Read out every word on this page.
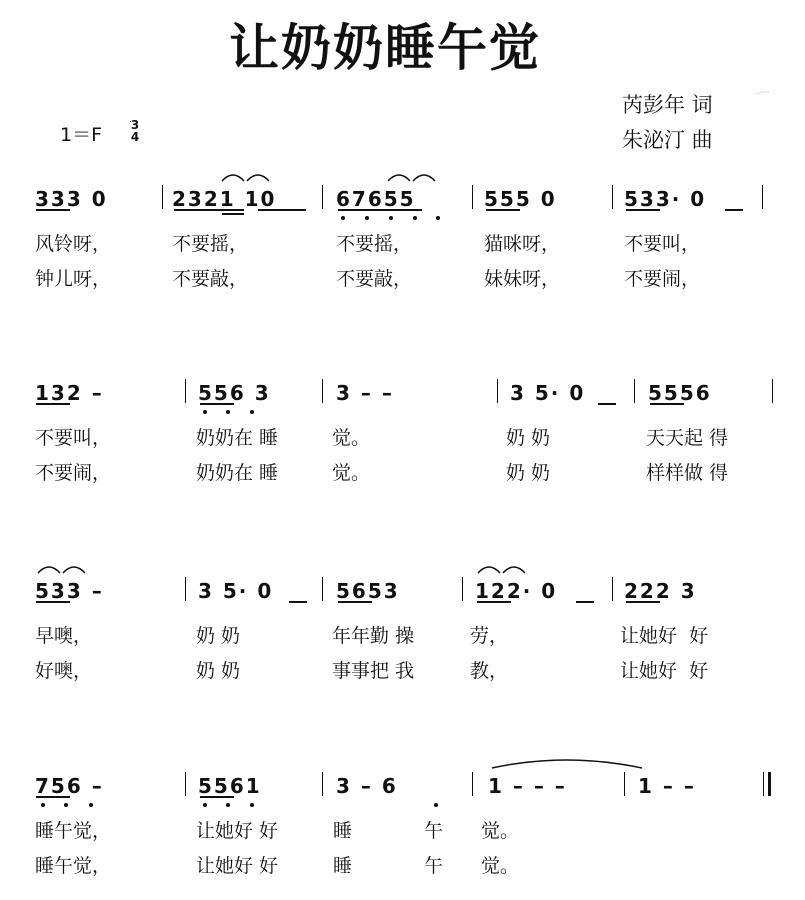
让奶奶睡午觉
芮彭年 词
朱泌汀 曲
1＝F 3
4
333 0	2321 10	67655	555 0	533· 0
风铃呀，	不要摇，	不要摇，	猫咪呀，	不要叫，
钟儿呀，	不要敲，	不要敲，	妹妹呀，	不要闹，
132 –	556 3	3 – –	3 5· 0	5556
不要叫，	奶奶在 睡	觉。	奶 奶	天天起 得
不要闹，	奶奶在 睡	觉。	奶 奶	样样做 得
533 –	3 5· 0	5653	122· 0	222 3
早噢，	奶 奶	年年勤 操	劳，	让她好  好
好噢，	奶 奶	事事把 我	教，	让她好  好
756 –	5561	3 – 6	1 – – –	1 – –
睡午觉，	让她好 好	睡	午 觉。
睡午觉，	让她好 好	睡	午 觉。
